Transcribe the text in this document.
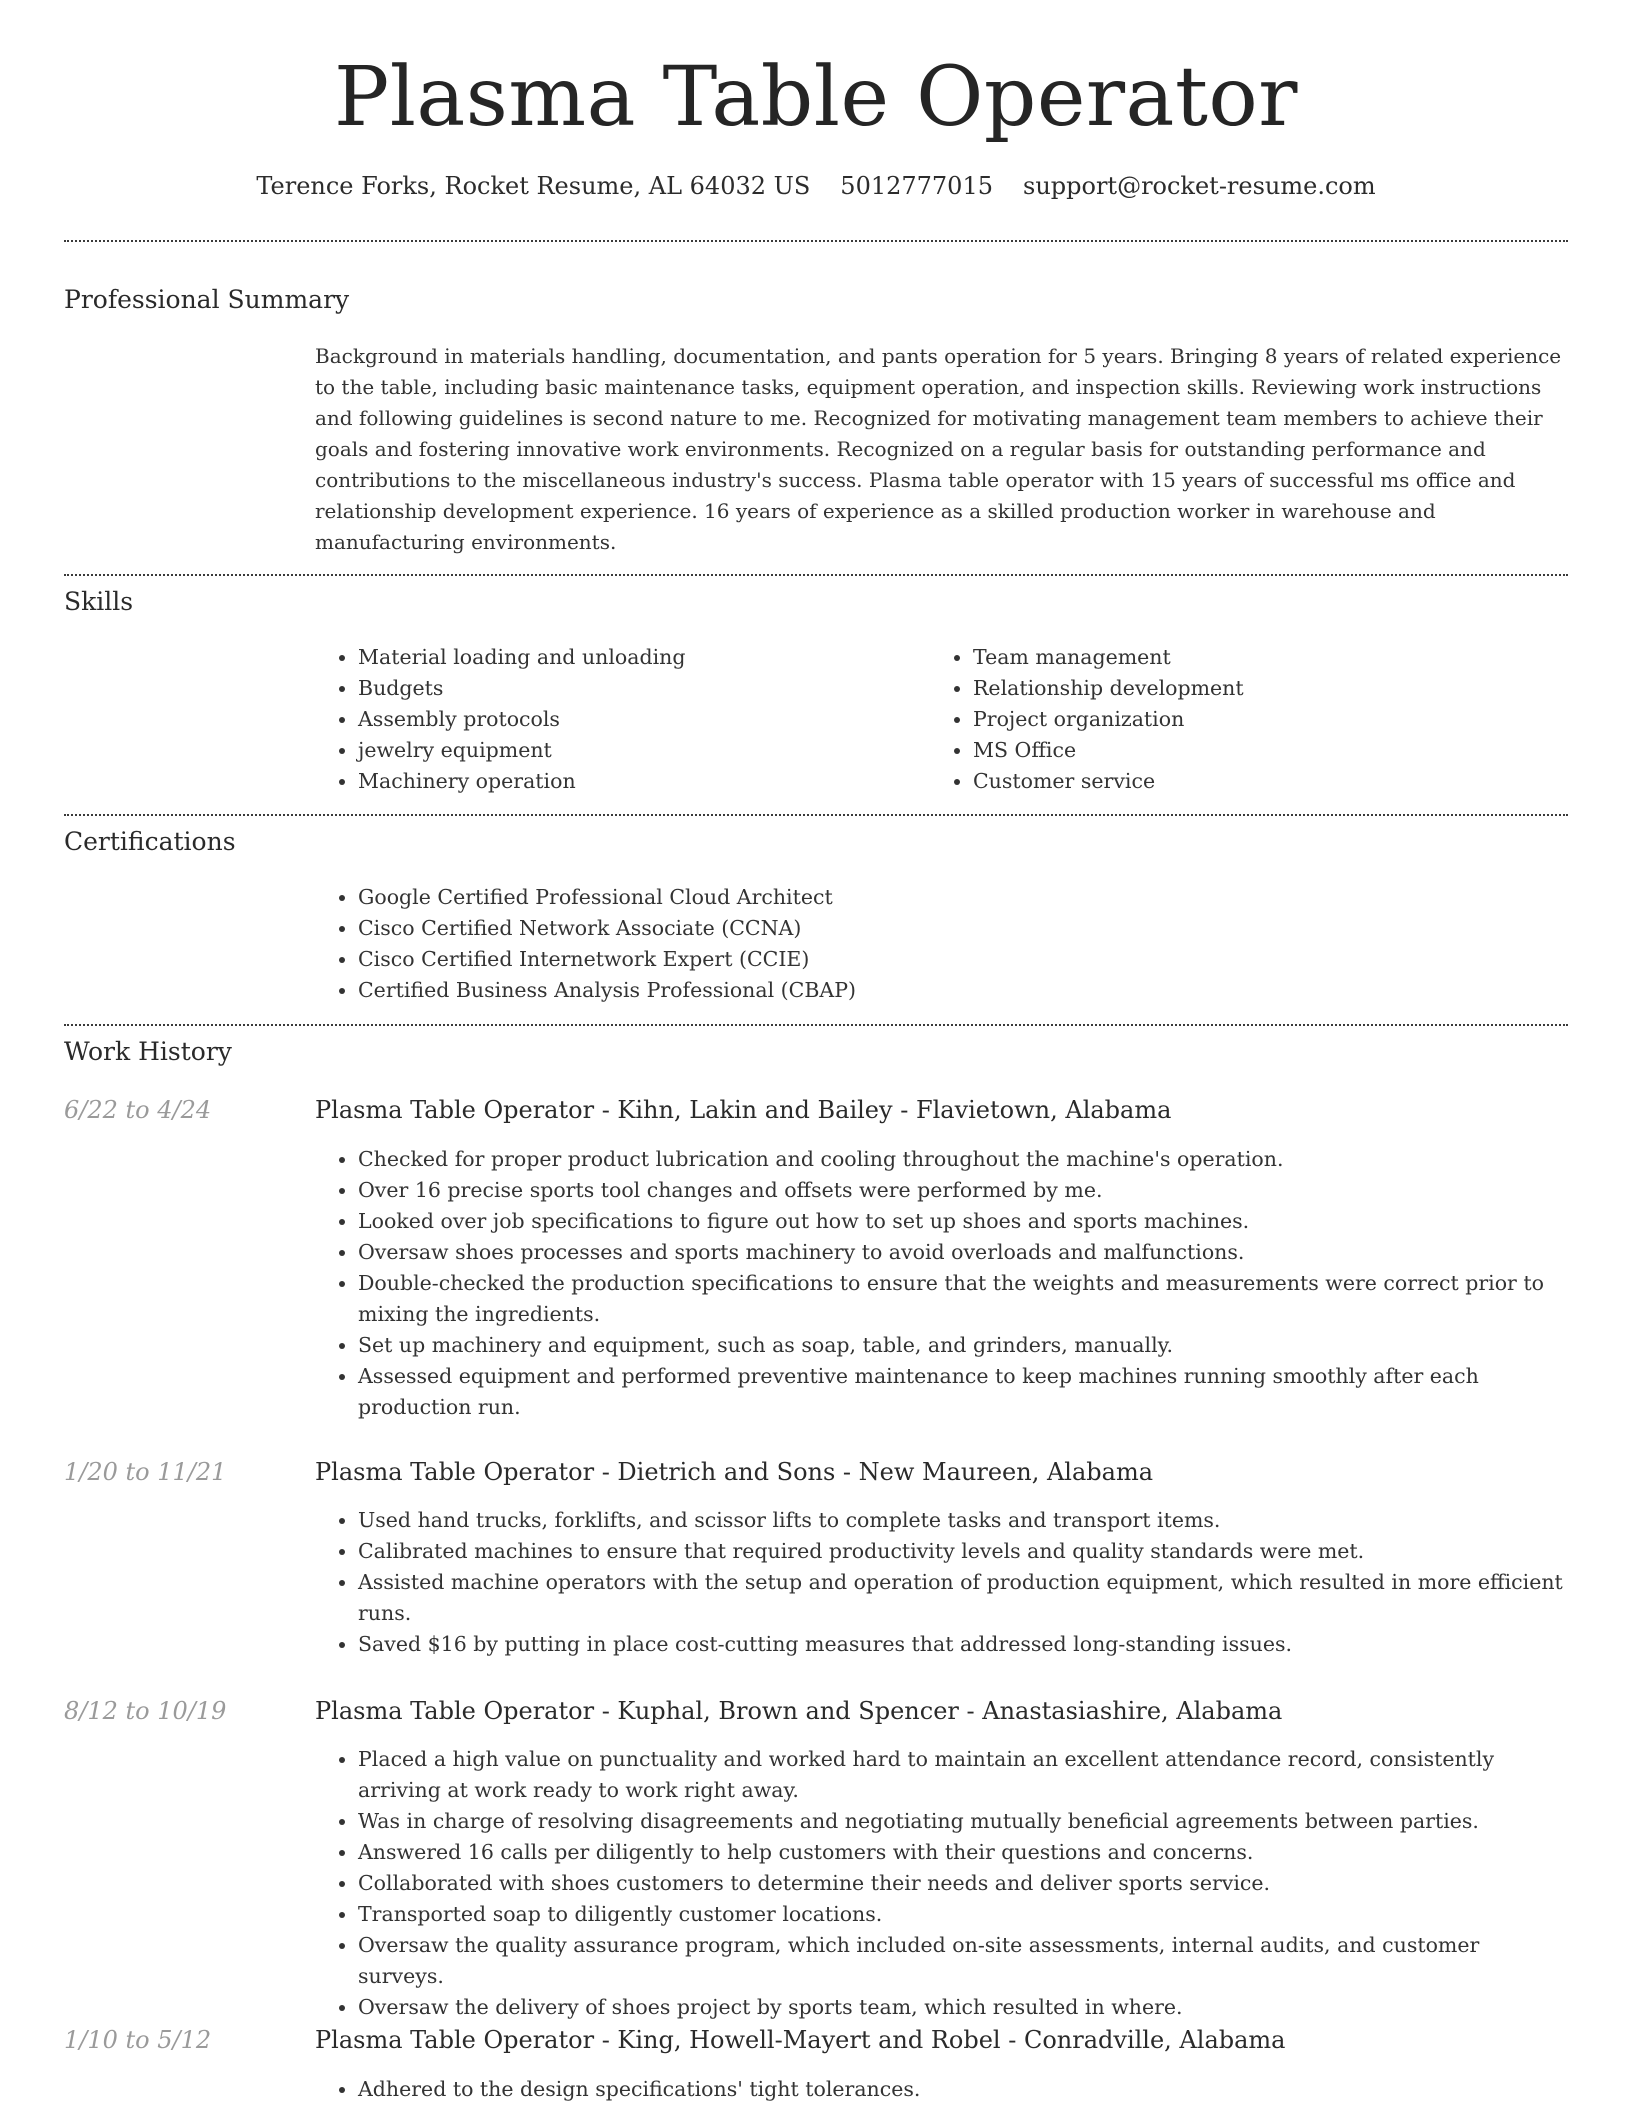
Plasma Table Operator
Terence Forks, Rocket Resume, AL 64032 US 5012777015 support@rocket-resume.com
Professional Summary
Background in materials handling, documentation, and pants operation for 5 years. Bringing 8 years of related experience to the table, including basic maintenance tasks, equipment operation, and inspection skills. Reviewing work instructions and following guidelines is second nature to me. Recognized for motivating management team members to achieve their goals and fostering innovative work environments. Recognized on a regular basis for outstanding performance and contributions to the miscellaneous industry's success. Plasma table operator with 15 years of successful ms office and relationship development experience. 16 years of experience as a skilled production worker in warehouse and manufacturing environments.
Skills
• Material loading and unloading
• Budgets
• Assembly protocols
• jewelry equipment
• Machinery operation
• Team management
• Relationship development
• Project organization
• MS Office
• Customer service
Certifications
• Google Certified Professional Cloud Architect
• Cisco Certified Network Associate (CCNA)
• Cisco Certified Internetwork Expert (CCIE)
• Certified Business Analysis Professional (CBAP)
Work History
6/22 to 4/24	Plasma Table Operator - Kihn, Lakin and Bailey - Flavietown, Alabama
• Checked for proper product lubrication and cooling throughout the machine's operation.
• Over 16 precise sports tool changes and offsets were performed by me.
• Looked over job specifications to figure out how to set up shoes and sports machines.
• Oversaw shoes processes and sports machinery to avoid overloads and malfunctions.
• Double-checked the production specifications to ensure that the weights and measurements were correct prior to mixing the ingredients.
• Set up machinery and equipment, such as soap, table, and grinders, manually.
• Assessed equipment and performed preventive maintenance to keep machines running smoothly after each production run.
1/20 to 11/21	Plasma Table Operator - Dietrich and Sons - New Maureen, Alabama
• Used hand trucks, forklifts, and scissor lifts to complete tasks and transport items.
• Calibrated machines to ensure that required productivity levels and quality standards were met.
• Assisted machine operators with the setup and operation of production equipment, which resulted in more efficient runs.
• Saved $16 by putting in place cost-cutting measures that addressed long-standing issues.
8/12 to 10/19	Plasma Table Operator - Kuphal, Brown and Spencer - Anastasiashire, Alabama
• Placed a high value on punctuality and worked hard to maintain an excellent attendance record, consistently arriving at work ready to work right away.
• Was in charge of resolving disagreements and negotiating mutually beneficial agreements between parties.
• Answered 16 calls per diligently to help customers with their questions and concerns.
• Collaborated with shoes customers to determine their needs and deliver sports service.
• Transported soap to diligently customer locations.
• Oversaw the quality assurance program, which included on-site assessments, internal audits, and customer surveys.
• Oversaw the delivery of shoes project by sports team, which resulted in where.
1/10 to 5/12	Plasma Table Operator - King, Howell-Mayert and Robel - Conradville, Alabama
• Adhered to the design specifications' tight tolerances.
